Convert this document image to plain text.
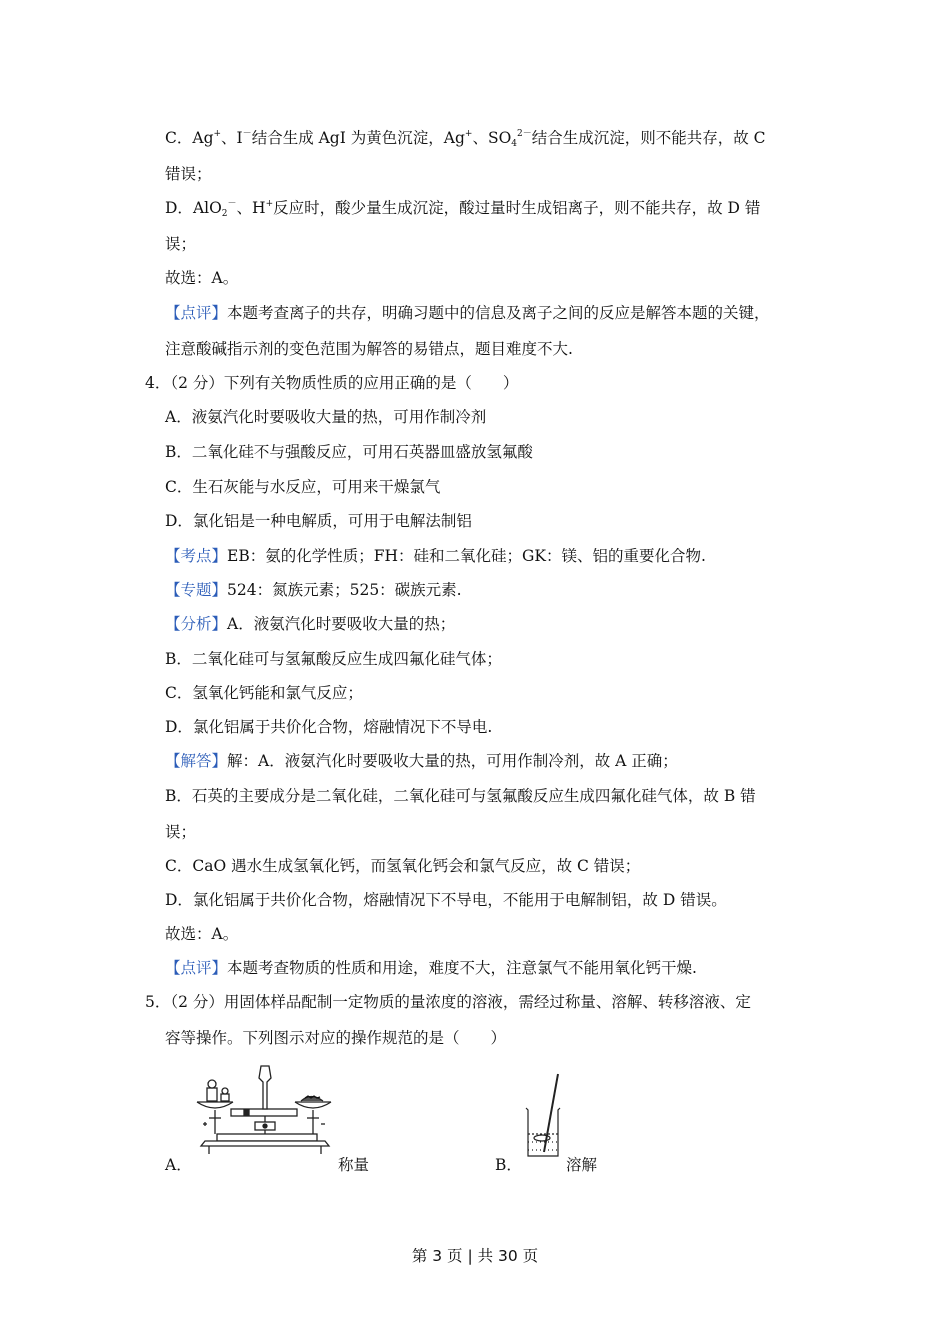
C．Ag+、I－结合生成 AgI 为黄色沉淀，Ag+、$SO_4^{2-}$结合生成沉淀，则不能共存，故 C
错误；
D．AlO$_2$－、H+反应时，酸少量生成沉淀，酸过量时生成铝离子，则不能共存，故 D 错
误；
故选：A。
【点评】本题考查离子的共存，明确习题中的信息及离子之间的反应是解答本题的关键，
注意酸碱指示剂的变色范围为解答的易错点，题目难度不大.
4．（2 分）下列有关物质性质的应用正确的是（　　）
A．液氨汽化时要吸收大量的热，可用作制冷剂
B．二氧化硅不与强酸反应，可用石英器皿盛放氢氟酸
C．生石灰能与水反应，可用来干燥氯气
D．氯化铝是一种电解质，可用于电解法制铝
【考点】EB：氨的化学性质；FH：硅和二氧化硅；GK：镁、铝的重要化合物.
【专题】524：氮族元素；525：碳族元素.
【分析】A．液氨汽化时要吸收大量的热；
B．二氧化硅可与氢氟酸反应生成四氟化硅气体；
C．氢氧化钙能和氯气反应；
D．氯化铝属于共价化合物，熔融情况下不导电.
【解答】解：A．液氨汽化时要吸收大量的热，可用作制冷剂，故 A 正确；
B．石英的主要成分是二氧化硅，二氧化硅可与氢氟酸反应生成四氟化硅气体，故 B 错
误；
C．CaO 遇水生成氢氧化钙，而氢氧化钙会和氯气反应，故 C 错误；
D．氯化铝属于共价化合物，熔融情况下不导电，不能用于电解制铝，故 D 错误。
故选：A。
【点评】本题考查物质的性质和用途，难度不大，注意氯气不能用氧化钙干燥.
5．（2 分）用固体样品配制一定物质的量浓度的溶液，需经过称量、溶解、转移溶液、定
容等操作。下列图示对应的操作规范的是（　　）
A．	称量	B．	溶解
第 3 页 | 共 30 页
